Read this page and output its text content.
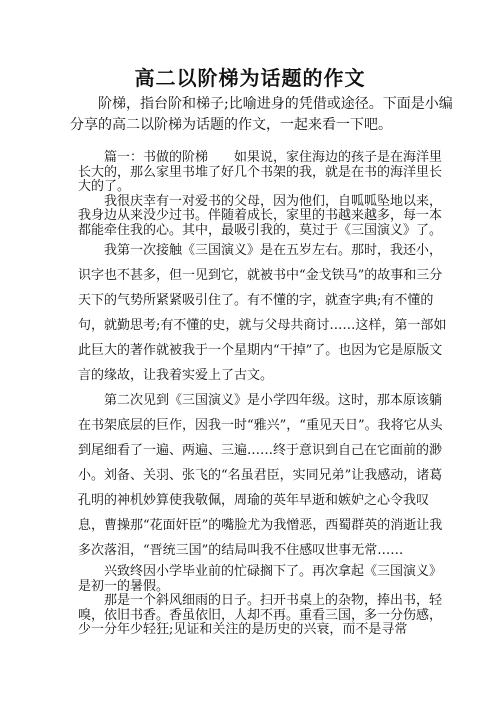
高二以阶梯为话题的作文

阶梯，指台阶和梯子;比喻进身的凭借或途径。下面是小编分享的高二以阶梯为话题的作文，一起来看一下吧。

篇一：书做的阶梯　　如果说，家住海边的孩子是在海洋里长大的，那么家里书堆了好几个书架的我，就是在书的海洋里长大的了。

我很庆幸有一对爱书的父母，因为他们，自呱呱坠地以来，我身边从来没少过书。伴随着成长，家里的书越来越多，每一本都能牵住我的心。其中，最吸引我的，莫过于《三国演义》了。

我第一次接触《三国演义》是在五岁左右。那时，我还小，识字也不甚多，但一见到它，就被书中“金戈铁马”的故事和三分天下的气势所紧紧吸引住了。有不懂的字，就查字典;有不懂的句，就勤思考;有不懂的史，就与父母共商讨……这样，第一部如此巨大的著作就被我于一个星期内“干掉”了。也因为它是原版文言的缘故，让我着实爱上了古文。

第二次见到《三国演义》是小学四年级。这时，那本原该躺在书架底层的巨作，因我一时“雅兴”，“重见天日”。我将它从头到尾细看了一遍、两遍、三遍……终于意识到自己在它面前的渺小。刘备、关羽、张飞的“名虽君臣，实同兄弟”让我感动，诸葛孔明的神机妙算使我敬佩，周瑜的英年早逝和嫉妒之心令我叹息，曹操那“花面奸臣”的嘴脸尤为我憎恶，西蜀群英的消逝让我多次落泪，“晋统三国”的结局叫我不住感叹世事无常……

兴致终因小学毕业前的忙碌搁下了。再次拿起《三国演义》是初一的暑假。

那是一个斜风细雨的日子。扫开书桌上的杂物，捧出书，轻嗅，依旧书香。香虽依旧，人却不再。重看三国，多一分伤感，少一分年少轻狂;见证和关注的是历史的兴衰，而不是寻常
